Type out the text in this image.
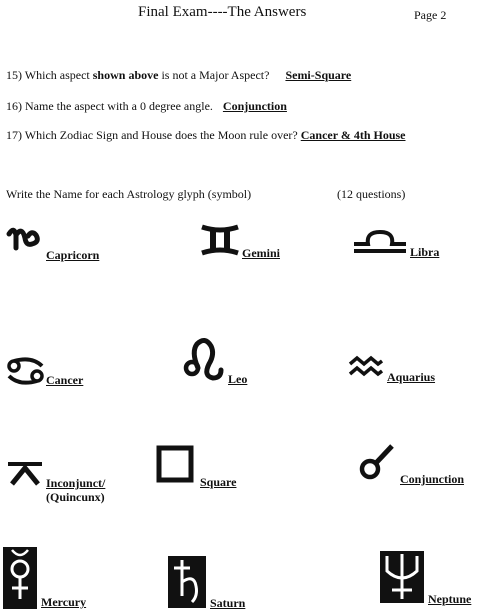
Final Exam----The Answers	Page 2
15) Which aspect shown above is not a Major Aspect? Semi-Square
16) Name the aspect with a 0 degree angle. Conjunction
17) Which Zodiac Sign and House does the Moon rule over? Cancer & 4th House
Write the Name for each Astrology glyph (symbol)	(12 questions)
Capricorn	Gemini	Libra
Cancer	Leo	Aquarius
Inconjunct/
(Quincunx)
Square	Conjunction
Mercury	Saturn	Neptune
